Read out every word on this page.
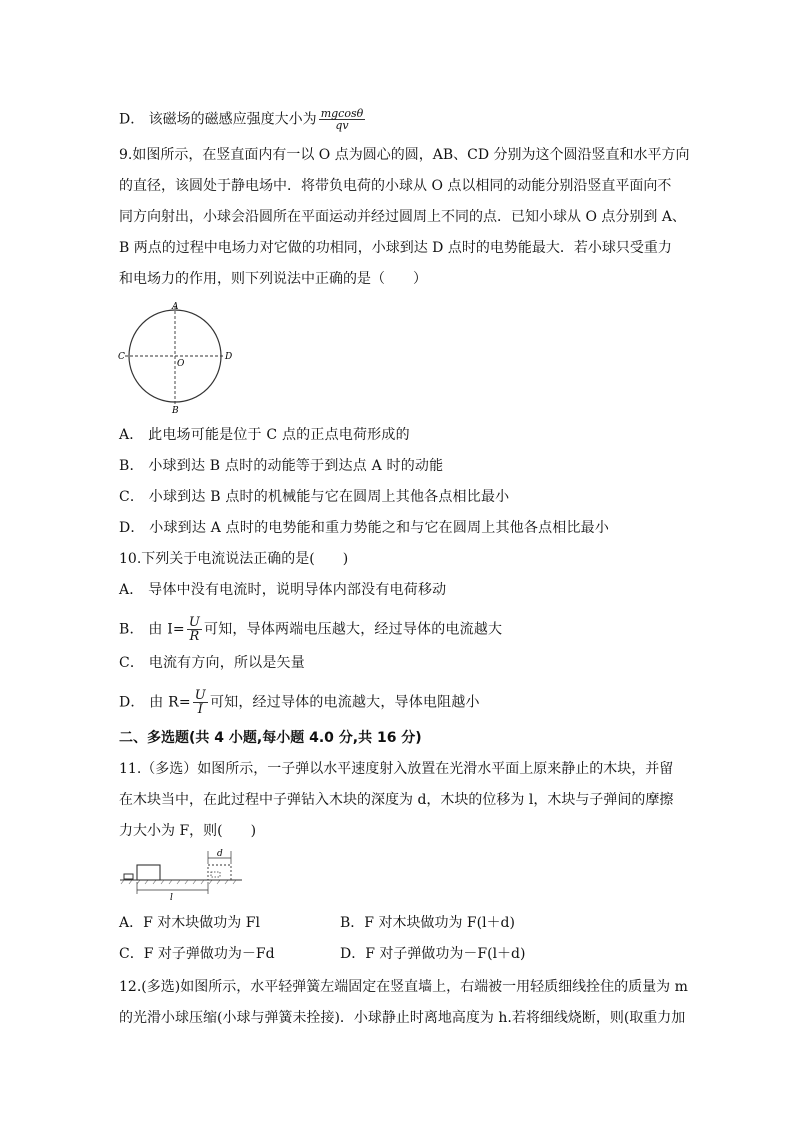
D． 该磁场的磁感应强度大小为 $\frac{mgcos\theta}{qv}$
9.如图所示，在竖直面内有一以 O 点为圆心的圆，AB、CD 分别为这个圆沿竖直和水平方向
的直径，该圆处于静电场中．将带负电荷的小球从 O 点以相同的动能分别沿竖直平面向不
同方向射出，小球会沿圆所在平面运动并经过圆周上不同的点．已知小球从 O 点分别到 A、
B 两点的过程中电场力对它做的功相同，小球到达 D 点时的电势能最大．若小球只受重力
和电场力的作用，则下列说法中正确的是（　　）
A
B
C	D
O
A． 此电场可能是位于 C 点的正点电荷形成的
B． 小球到达 B 点时的动能等于到达点 A 时的动能
C． 小球到达 B 点时的机械能与它在圆周上其他各点相比最小
D． 小球到达 A 点时的电势能和重力势能之和与它在圆周上其他各点相比最小
10.下列关于电流说法正确的是(　　)
A． 导体中没有电流时，说明导体内部没有电荷移动
B． 由 $I= \frac{U}{R}$ 可知，导体两端电压越大，经过导体的电流越大
C． 电流有方向，所以是矢量
D． 由 $R= \frac{U}{I}$ 可知，经过导体的电流越大，导体电阻越小
二、多选题(共 4 小题,每小题 4.0 分,共 16 分)
11.（多选）如图所示，一子弹以水平速度射入放置在光滑水平面上原来静止的木块，并留
在木块当中，在此过程中子弹钻入木块的深度为 d，木块的位移为 l，木块与子弹间的摩擦
力大小为 F，则(　　)
d
l
A．F 对木块做功为 Fl	B．F 对木块做功为 F(l＋d)
C．F 对子弹做功为－Fd	D．F 对子弹做功为－F(l＋d)
12.(多选)如图所示，水平轻弹簧左端固定在竖直墙上，右端被一用轻质细线拴住的质量为 m
的光滑小球压缩(小球与弹簧未拴接)．小球静止时离地高度为 h.若将细线烧断，则(取重力加
